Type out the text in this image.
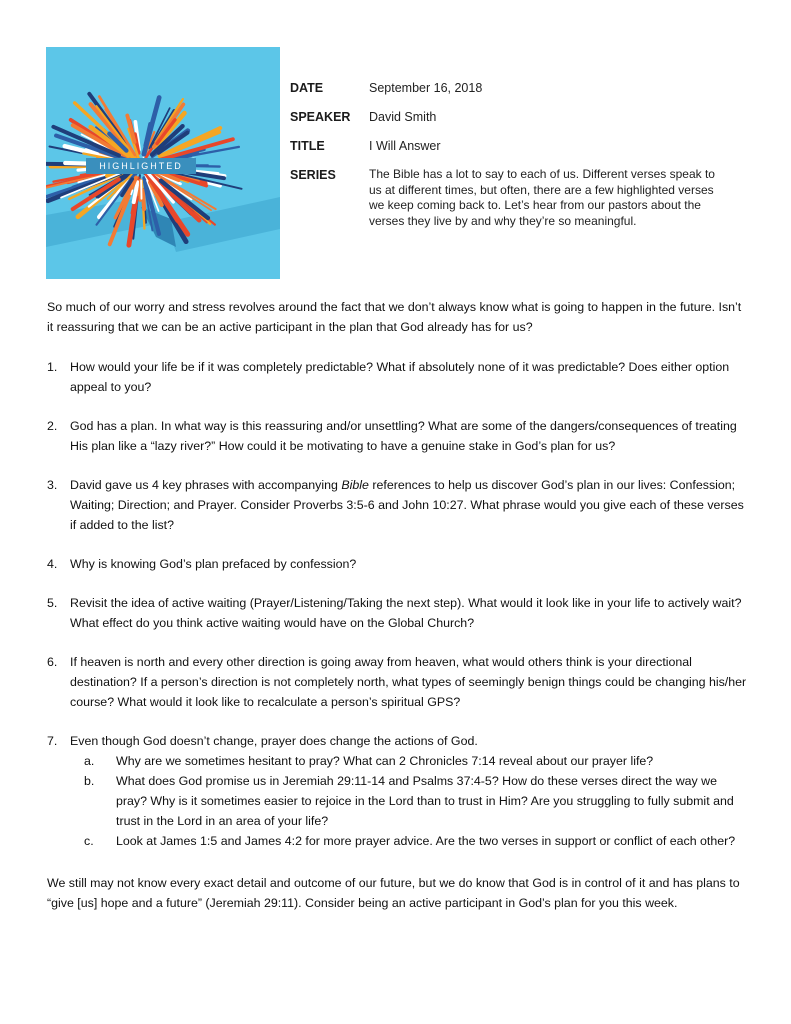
HIGHLIGHTED
DATE	September 16, 2018
SPEAKER	David Smith
TITLE	I Will Answer
SERIES	The Bible has a lot to say to each of us. Different verses speak to us at different times, but often, there are a few highlighted verses we keep coming back to. Let’s hear from our pastors about the verses they live by and why they’re so meaningful.

So much of our worry and stress revolves around the fact that we don’t always know what is going to happen in the future. Isn’t it reassuring that we can be an active participant in the plan that God already has for us?

1. How would your life be if it was completely predictable? What if absolutely none of it was predictable? Does either option appeal to you?
2. God has a plan. In what way is this reassuring and/or unsettling? What are some of the dangers/consequences of treating His plan like a “lazy river?” How could it be motivating to have a genuine stake in God’s plan for us?
3. David gave us 4 key phrases with accompanying Bible references to help us discover God’s plan in our lives: Confession; Waiting; Direction; and Prayer. Consider Proverbs 3:5-6 and John 10:27. What phrase would you give each of these verses if added to the list?
4. Why is knowing God’s plan prefaced by confession?
5. Revisit the idea of active waiting (Prayer/Listening/Taking the next step). What would it look like in your life to actively wait? What effect do you think active waiting would have on the Global Church?
6. If heaven is north and every other direction is going away from heaven, what would others think is your directional destination? If a person’s direction is not completely north, what types of seemingly benign things could be changing his/her course? What would it look like to recalculate a person’s spiritual GPS?
7. Even though God doesn’t change, prayer does change the actions of God.
a.	Why are we sometimes hesitant to pray? What can 2 Chronicles 7:14 reveal about our prayer life?
b.	What does God promise us in Jeremiah 29:11-14 and Psalms 37:4-5? How do these verses direct the way we pray? Why is it sometimes easier to rejoice in the Lord than to trust in Him? Are you struggling to fully submit and trust in the Lord in an area of your life?
c.	Look at James 1:5 and James 4:2 for more prayer advice. Are the two verses in support or conflict of each other?

We still may not know every exact detail and outcome of our future, but we do know that God is in control of it and has plans to “give [us] hope and a future” (Jeremiah 29:11). Consider being an active participant in God’s plan for you this week.
